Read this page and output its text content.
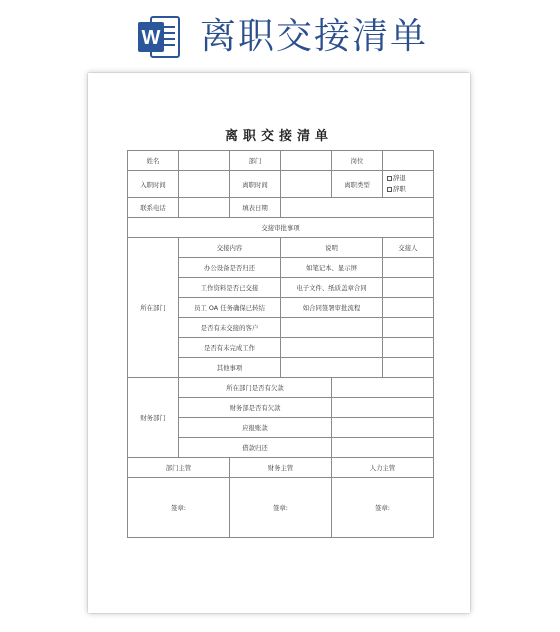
W 离职交接清单
离职交接清单
姓名		部门		岗位	
入职时间		离职时间		离职类型	辞退
辞职

联系电话		填表日期			
交接审批事项					
所在部门	交接内容		说明		交接人
	办公设备是否归还		如笔记本、显示屏		
	工作资料是否已交接		电子文件、纸质盖章合同		
	员工 OA 任务确保已转结		如合同签署审批流程		
	是否有未交接的客户				
	是否有未完成工作				
	其他事项				
财务部门	所在部门是否有欠款				
	财务部是否有欠款				
	应报账款				
	借款归还				
部门主管		财务主管		人力主管	
签章:		签章:		签章:	
